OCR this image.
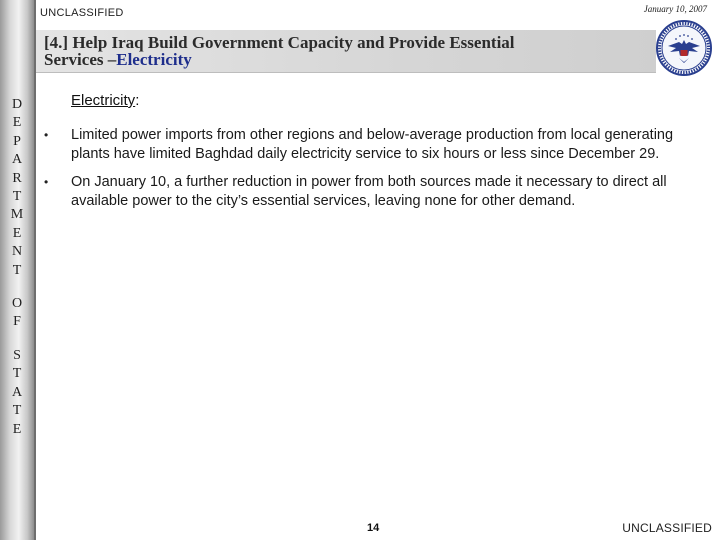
D
E
P
A
R
T
M
E
N
T
O
F
S
T
A
T
E
UNCLASSIFIED	January 10, 2007
[4.] Help Iraq Build Government Capacity and Provide Essential
Services –Electricity
Electricity:
•	Limited power imports from other regions and below-average production from local generating plants have limited Baghdad daily electricity service to six hours or less since December 29.
•	On January 10, a further reduction in power from both sources made it necessary to direct all available power to the city’s essential services, leaving none for other demand.
14	UNCLASSIFIED
